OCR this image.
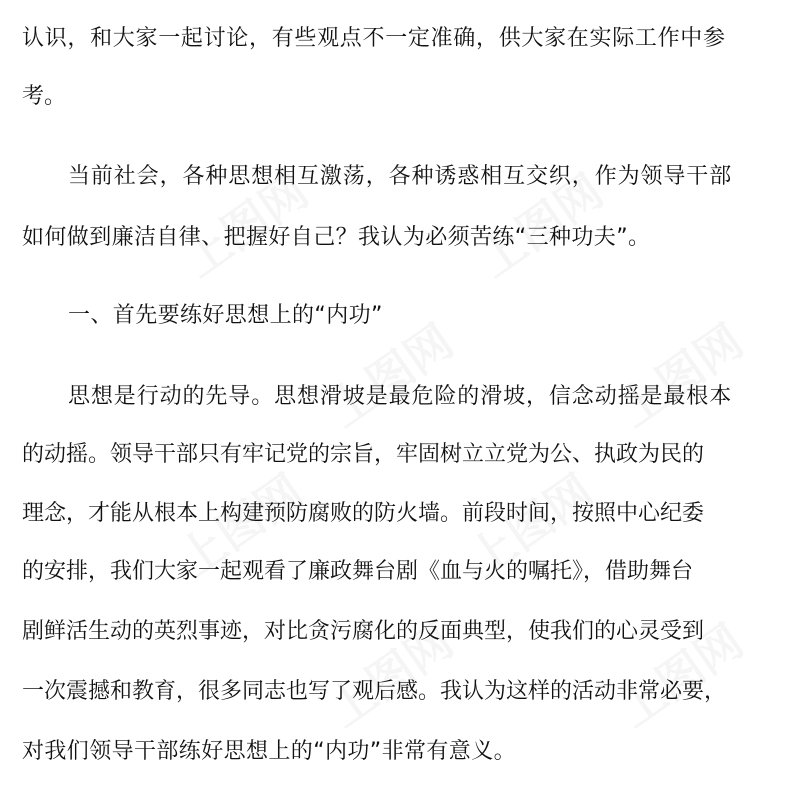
认识，和大家一起讨论，有些观点不一定准确，供大家在实际工作中参
考。
当前社会，各种思想相互激荡，各种诱惑相互交织，作为领导干部
如何做到廉洁自律、把握好自己？我认为必须苦练“三种功夫”。
一、首先要练好思想上的“内功”
思想是行动的先导。思想滑坡是最危险的滑坡，信念动摇是最根本
的动摇。领导干部只有牢记党的宗旨，牢固树立立党为公、执政为民的
理念，才能从根本上构建预防腐败的防火墙。前段时间，按照中心纪委
的安排，我们大家一起观看了廉政舞台剧《血与火的嘱托》，借助舞台
剧鲜活生动的英烈事迹，对比贪污腐化的反面典型，使我们的心灵受到
一次震撼和教育，很多同志也写了观后感。我认为这样的活动非常必要，
对我们领导干部练好思想上的“内功”非常有意义。
